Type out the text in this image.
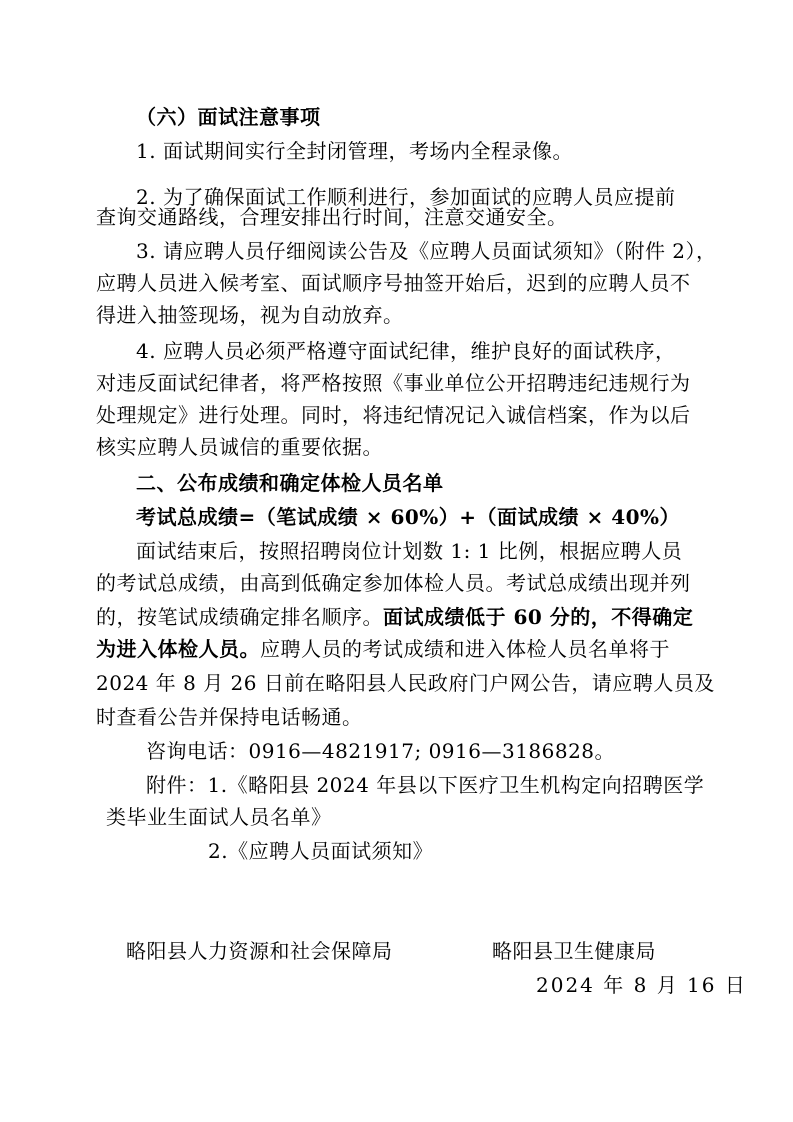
（六）面试注意事项
1. 面试期间实行全封闭管理，考场内全程录像。
2. 为了确保面试工作顺利进行，参加面试的应聘人员应提前
查询交通路线，合理安排出行时间，注意交通安全。
3. 请应聘人员仔细阅读公告及《应聘人员面试须知》（附件 2），
应聘人员进入候考室、面试顺序号抽签开始后，迟到的应聘人员不
得进入抽签现场，视为自动放弃。
4. 应聘人员必须严格遵守面试纪律，维护良好的面试秩序，
对违反面试纪律者，将严格按照《事业单位公开招聘违纪违规行为
处理规定》进行处理。同时，将违纪情况记入诚信档案，作为以后
核实应聘人员诚信的重要依据。
二、公布成绩和确定体检人员名单
考试总成绩=（笔试成绩 × 60%）+（面试成绩 × 40%）
面试结束后，按照招聘岗位计划数 1: 1 比例，根据应聘人员
的考试总成绩，由高到低确定参加体检人员。考试总成绩出现并列
的，按笔试成绩确定排名顺序。面试成绩低于 60 分的，不得确定
为进入体检人员。应聘人员的考试成绩和进入体检人员名单将于
2024 年 8 月 26 日前在略阳县人民政府门户网公告，请应聘人员及
时查看公告并保持电话畅通。
咨询电话：0916—4821917; 0916—3186828。
附件：1.《略阳县 2024 年县以下医疗卫生机构定向招聘医学
类毕业生面试人员名单》
2.《应聘人员面试须知》
略阳县人力资源和社会保障局	略阳县卫生健康局
2024 年 8 月 16 日
